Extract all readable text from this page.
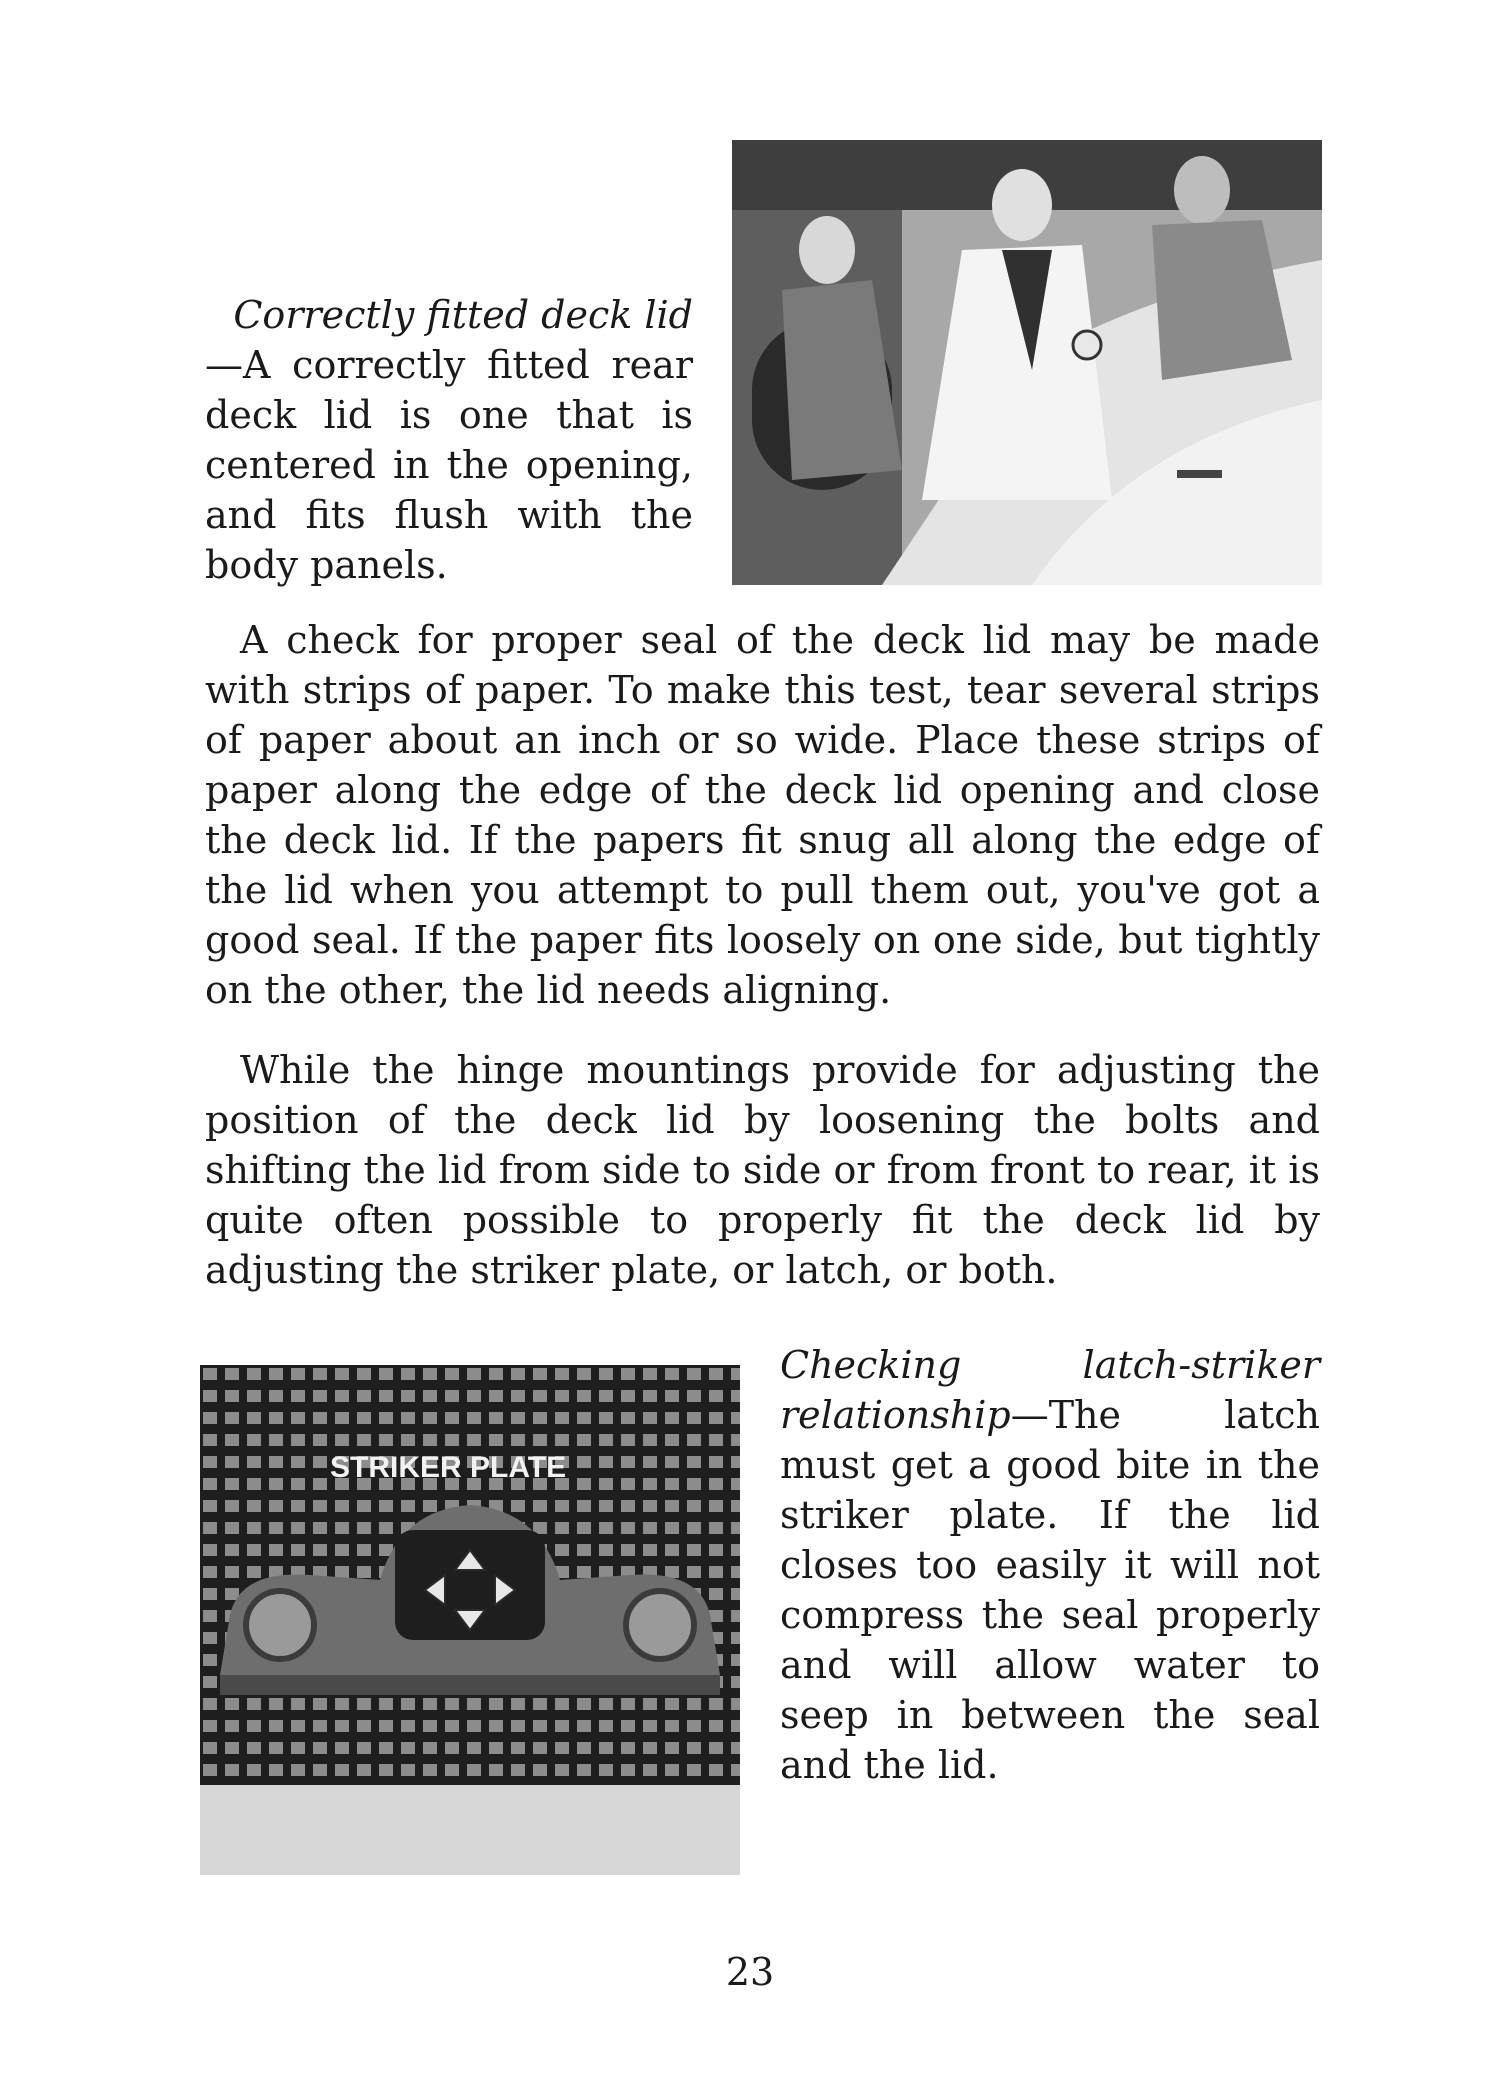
Correctly fitted deck lid
—A correctly fitted rear deck lid is one that is centered in the opening, and fits flush with the body panels.

A check for proper seal of the deck lid may be made with strips of paper. To make this test, tear several strips of paper about an inch or so wide. Place these strips of paper along the edge of the deck lid opening and close the deck lid. If the papers fit snug all along the edge of the lid when you attempt to pull them out, you've got a good seal. If the paper fits loosely on one side, but tightly on the other, the lid needs aligning.

While the hinge mountings provide for adjusting the position of the deck lid by loosening the bolts and shifting the lid from side to side or from front to rear, it is quite often possible to properly fit the deck lid by adjusting the striker plate, or latch, or both.

STRIKER PLATE

Checking latch-striker relationship—The latch must get a good bite in the striker plate. If the lid closes too easily it will not compress the seal properly and will allow water to seep in between the seal and the lid.

23
